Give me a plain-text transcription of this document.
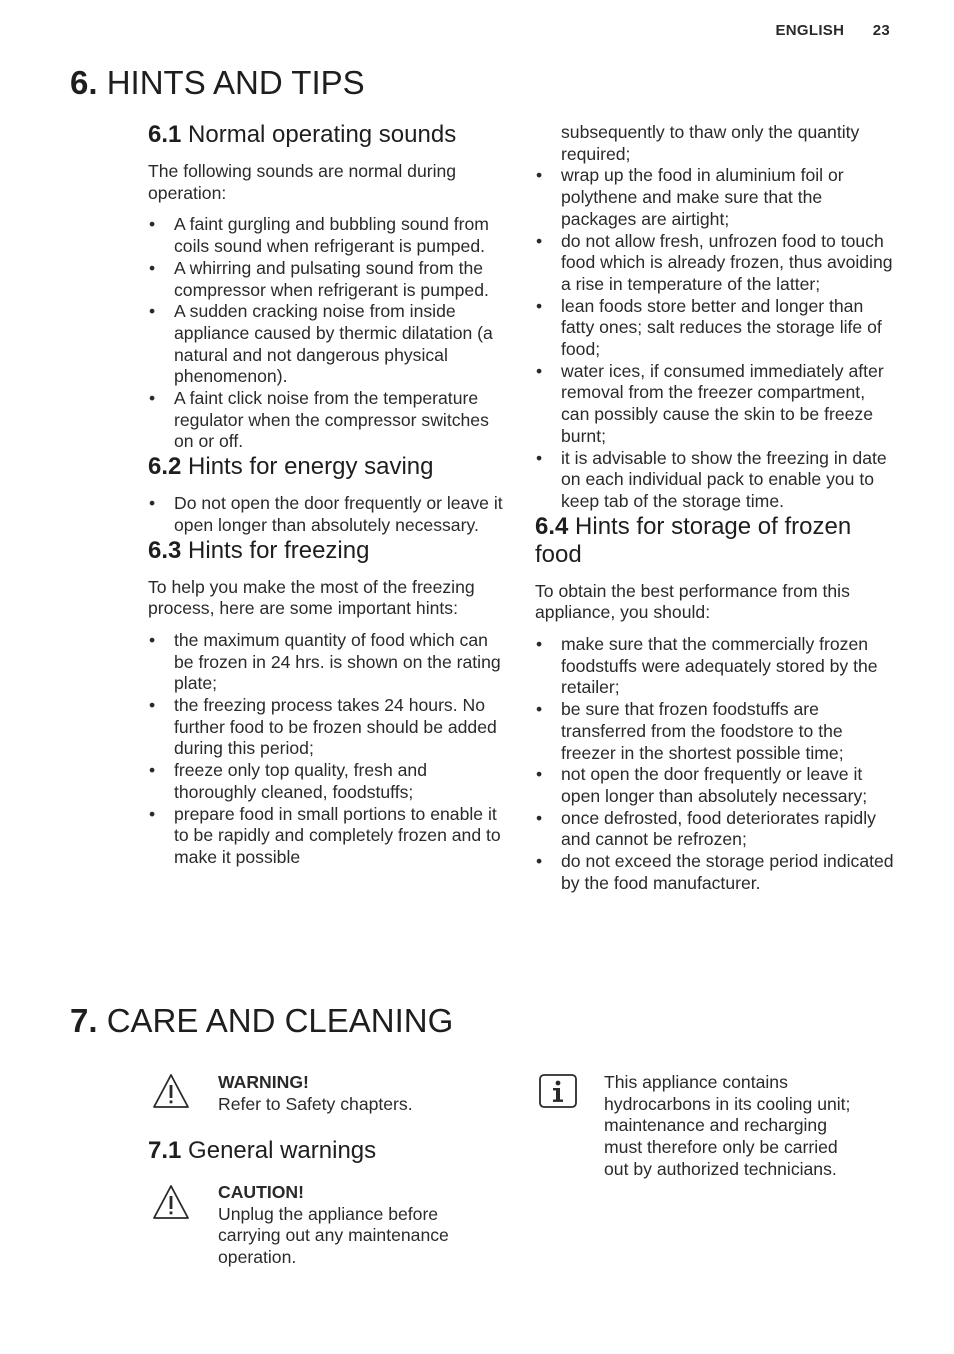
ENGLISH 23
6. HINTS AND TIPS
6.1 Normal operating sounds

The following sounds are normal during operation:

• A faint gurgling and bubbling sound from coils sound when refrigerant is pumped.
• A whirring and pulsating sound from the compressor when refrigerant is pumped.
• A sudden cracking noise from inside appliance caused by thermic dilatation (a natural and not dangerous physical phenomenon).
• A faint click noise from the temperature regulator when the compressor switches on or off.
6.2 Hints for energy saving
• Do not open the door frequently or leave it open longer than absolutely necessary.
6.3 Hints for freezing

To help you make the most of the freezing process, here are some important hints:

• the maximum quantity of food which can be frozen in 24 hrs. is shown on the rating plate;
• the freezing process takes 24 hours. No further food to be frozen should be added during this period;
• freeze only top quality, fresh and thoroughly cleaned, foodstuffs;
• prepare food in small portions to enable it to be rapidly and completely frozen and to make it possible

subsequently to thaw only the quantity required;

• wrap up the food in aluminium foil or polythene and make sure that the packages are airtight;
• do not allow fresh, unfrozen food to touch food which is already frozen, thus avoiding a rise in temperature of the latter;
• lean foods store better and longer than fatty ones; salt reduces the storage life of food;
• water ices, if consumed immediately after removal from the freezer compartment, can possibly cause the skin to be freeze burnt;
• it is advisable to show the freezing in date on each individual pack to enable you to keep tab of the storage time.
6.4 Hints for storage of frozen food

To obtain the best performance from this appliance, you should:

• make sure that the commercially frozen foodstuffs were adequately stored by the retailer;
• be sure that frozen foodstuffs are transferred from the foodstore to the freezer in the shortest possible time;
• not open the door frequently or leave it open longer than absolutely necessary;
• once defrosted, food deteriorates rapidly and cannot be refrozen;
• do not exceed the storage period indicated by the food manufacturer.
7. CARE AND CLEANING
WARNING!
Refer to Safety chapters.
7.1 General warnings
CAUTION!
Unplug the appliance before carrying out any maintenance operation.
This appliance contains hydrocarbons in its cooling unit; maintenance and recharging must therefore only be carried out by authorized technicians.
